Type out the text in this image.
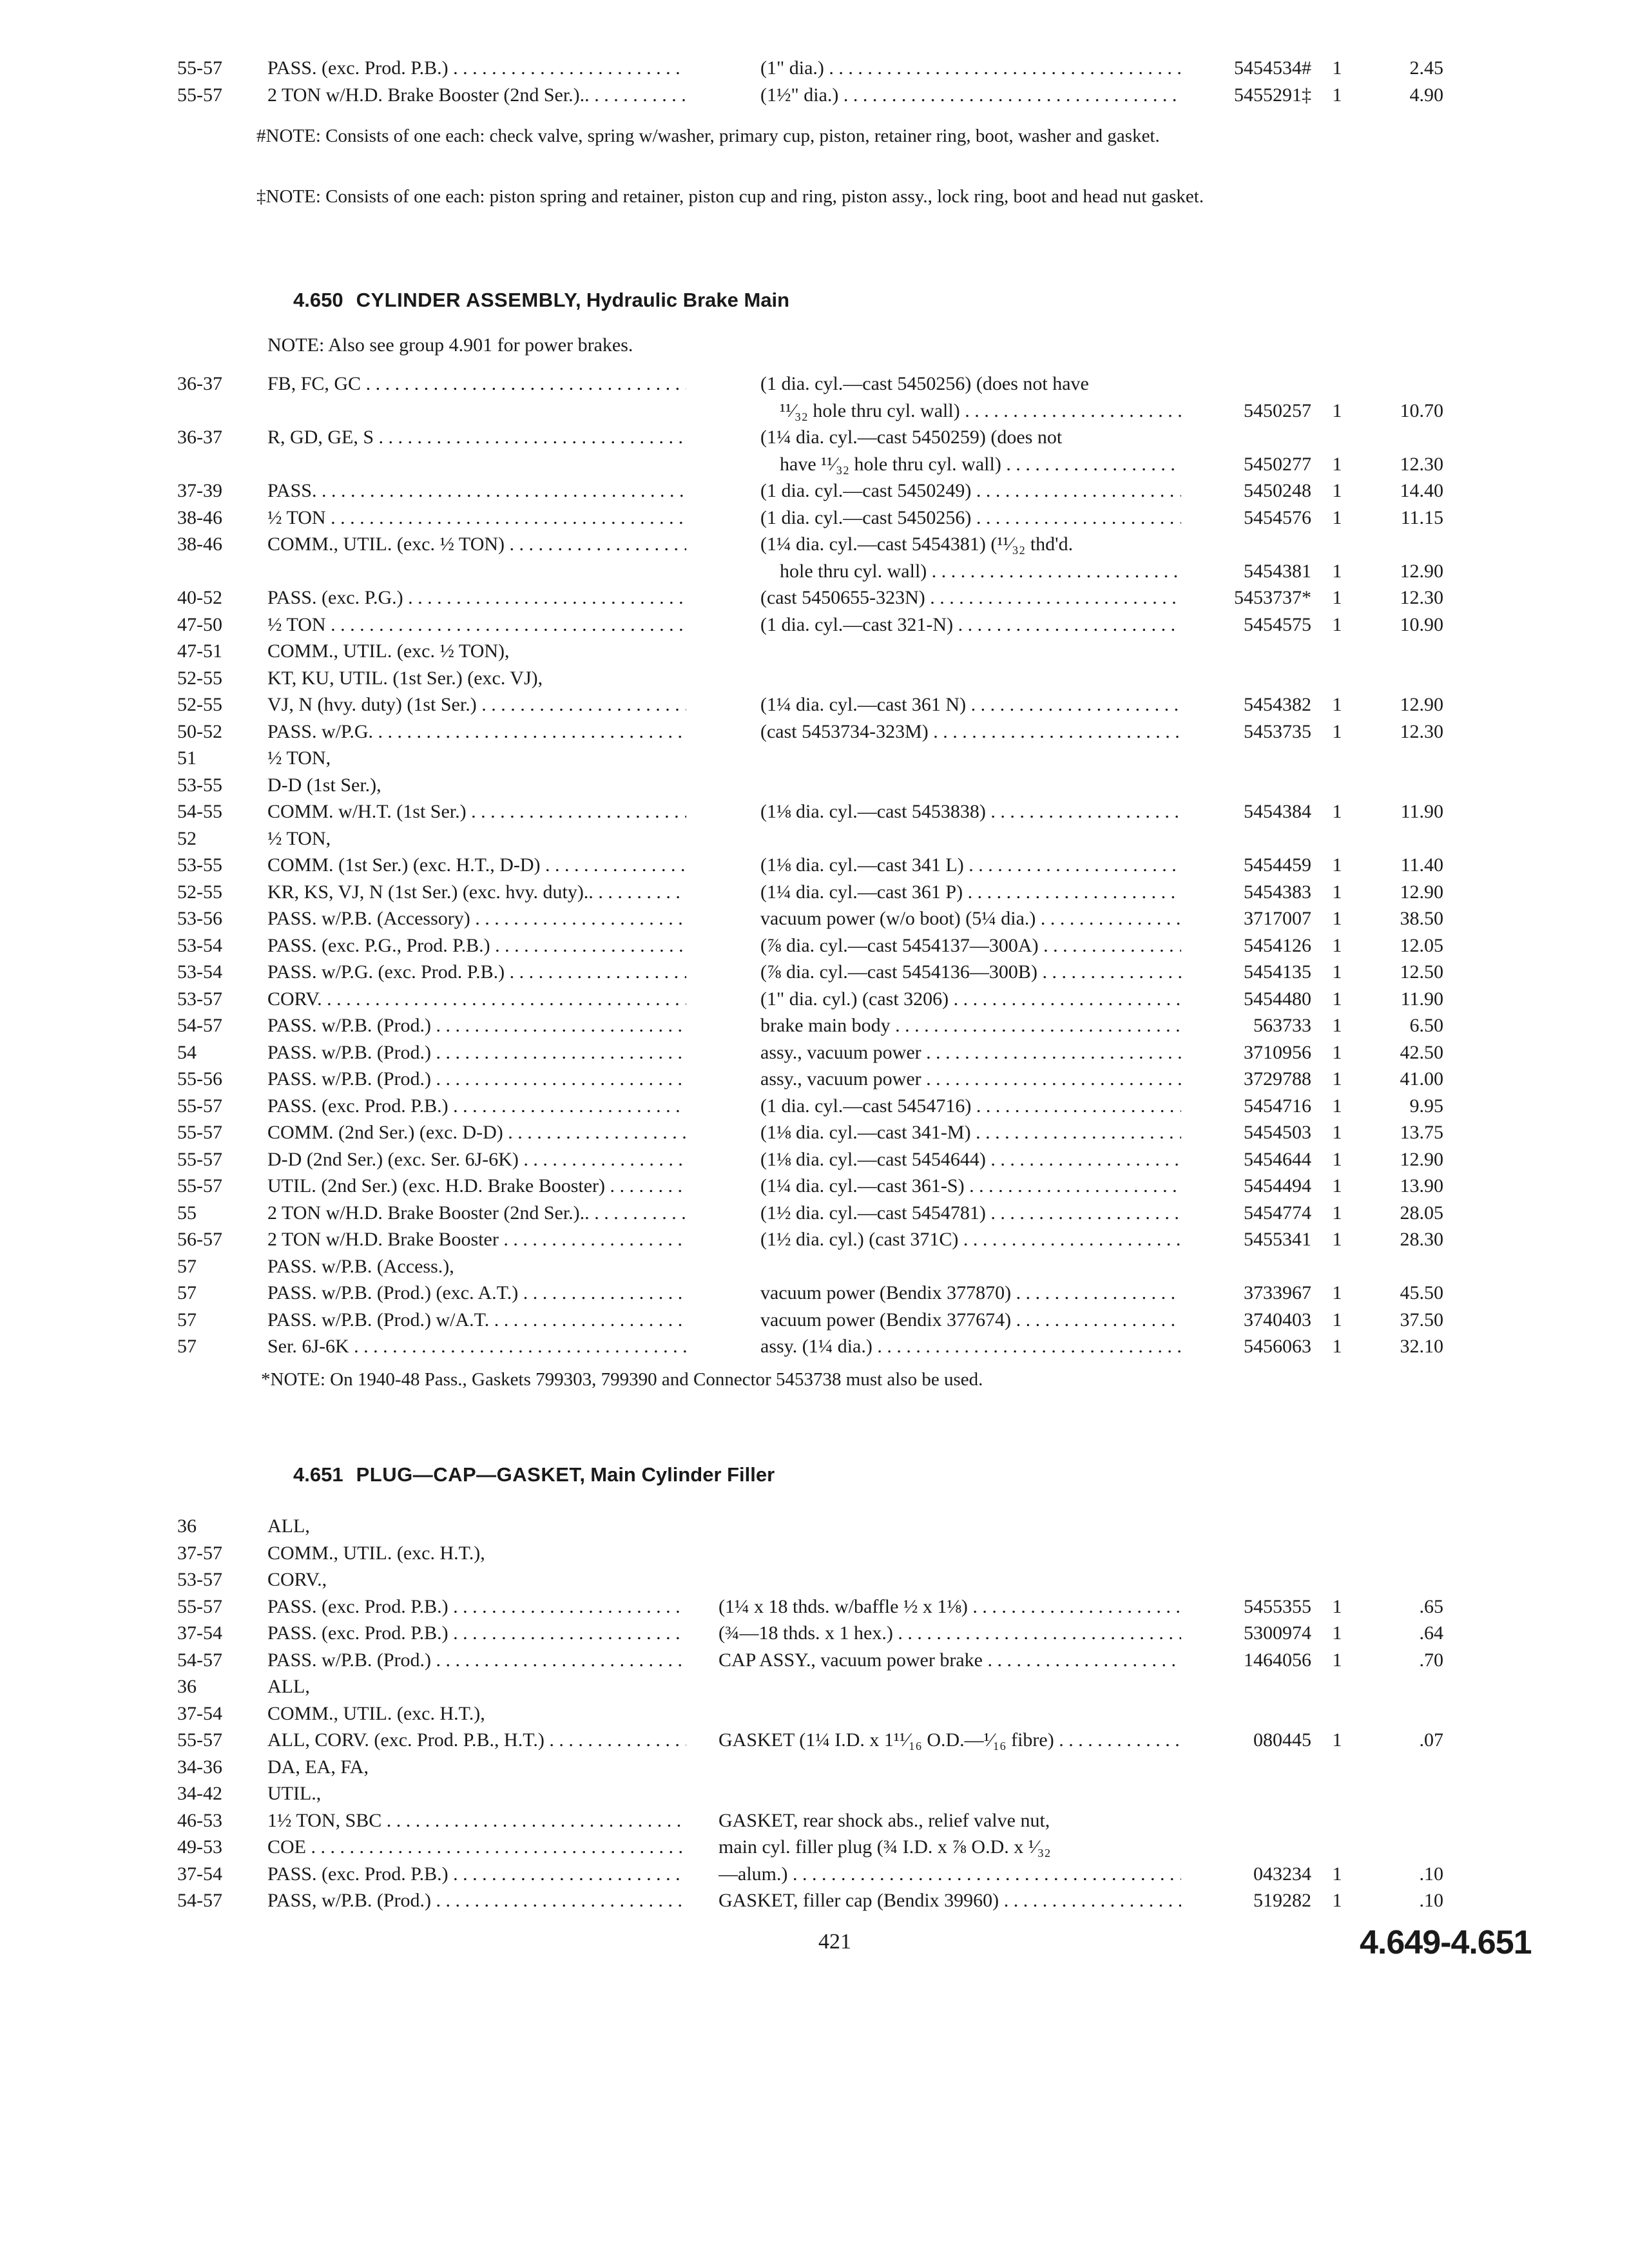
55-57	PASS. (exc. Prod. P.B.) . . .	(1" dia.) . . .	5454534#	1	2.45
55-57	2 TON w/H.D. Brake Booster (2nd Ser.).. . . .	(1½" dia.) . . .	5455291‡	1	4.90
#NOTE: Consists of one each: check valve, spring w/washer, primary cup, piston, retainer ring, boot, washer and gasket.
‡NOTE: Consists of one each: piston spring and retainer, piston cup and ring, piston assy., lock ring, boot and head nut gasket.
4.650 CYLINDER ASSEMBLY, Hydraulic Brake Main
NOTE: Also see group 4.901 for power brakes.
36-37	FB, FC, GC . . .	(1 dia. cyl.—cast 5450256) (does not have
¹¹⁄₃₂ hole thru cyl. wall) . . .	5450257	1	10.70
36-37	R, GD, GE, S . . .	(1¼ dia. cyl.—cast 5450259) (does not
have ¹¹⁄₃₂ hole thru cyl. wall) . . .	5450277	1	12.30
37-39	PASS. . . .	(1 dia. cyl.—cast 5450249) . . .	5450248	1	14.40
38-46	½ TON . . .	(1 dia. cyl.—cast 5450256) . . .	5454576	1	11.15
38-46	COMM., UTIL. (exc. ½ TON) . . .	(1¼ dia. cyl.—cast 5454381) (¹¹⁄₃₂ thd'd.
hole thru cyl. wall) . . .	5454381	1	12.90
40-52	PASS. (exc. P.G.) . . .	(cast 5450655-323N) . . .	5453737*	1	12.30
47-50	½ TON . . .	(1 dia. cyl.—cast 321-N) . . .	5454575	1	10.90
47-51	COMM., UTIL. (exc. ½ TON),
52-55	KT, KU, UTIL. (1st Ser.) (exc. VJ),
52-55	VJ, N (hvy. duty) (1st Ser.) . . .	(1¼ dia. cyl.—cast 361 N) . . .	5454382	1	12.90
50-52	PASS. w/P.G. . . .	(cast 5453734-323M) . . .	5453735	1	12.30
51	½ TON,
53-55	D-D (1st Ser.),
54-55	COMM. w/H.T. (1st Ser.) . . .	(1⅛ dia. cyl.—cast 5453838) . . .	5454384	1	11.90
52	½ TON,
53-55	COMM. (1st Ser.) (exc. H.T., D-D) . . .	(1⅛ dia. cyl.—cast 341 L) . . .	5454459	1	11.40
52-55	KR, KS, VJ, N (1st Ser.) (exc. hvy. duty).. . . .	(1¼ dia. cyl.—cast 361 P) . . .	5454383	1	12.90
53-56	PASS. w/P.B. (Accessory) . . .	vacuum power (w/o boot) (5¼ dia.) . . .	3717007	1	38.50
53-54	PASS. (exc. P.G., Prod. P.B.) . . .	(⅞ dia. cyl.—cast 5454137—300A) . . .	5454126	1	12.05
53-54	PASS. w/P.G. (exc. Prod. P.B.) . . .	(⅞ dia. cyl.—cast 5454136—300B) . . .	5454135	1	12.50
53-57	CORV. . . .	(1" dia. cyl.) (cast 3206) . . .	5454480	1	11.90
54-57	PASS. w/P.B. (Prod.) . . .	brake main body . . .	563733	1	6.50
54	PASS. w/P.B. (Prod.) . . .	assy., vacuum power . . .	3710956	1	42.50
55-56	PASS. w/P.B. (Prod.) . . .	assy., vacuum power . . .	3729788	1	41.00
55-57	PASS. (exc. Prod. P.B.) . . .	(1 dia. cyl.—cast 5454716) . . .	5454716	1	9.95
55-57	COMM. (2nd Ser.) (exc. D-D) . . .	(1⅛ dia. cyl.—cast 341-M) . . .	5454503	1	13.75
55-57	D-D (2nd Ser.) (exc. Ser. 6J-6K) . . .	(1⅛ dia. cyl.—cast 5454644) . . .	5454644	1	12.90
55-57	UTIL. (2nd Ser.) (exc. H.D. Brake Booster) . . .	(1¼ dia. cyl.—cast 361-S) . . .	5454494	1	13.90
55	2 TON w/H.D. Brake Booster (2nd Ser.).. . . .	(1½ dia. cyl.—cast 5454781) . . .	5454774	1	28.05
56-57	2 TON w/H.D. Brake Booster . . .	(1½ dia. cyl.) (cast 371C) . . .	5455341	1	28.30
57	PASS. w/P.B. (Access.),
57	PASS. w/P.B. (Prod.) (exc. A.T.) . . .	vacuum power (Bendix 377870) . . .	3733967	1	45.50
57	PASS. w/P.B. (Prod.) w/A.T. . . .	vacuum power (Bendix 377674) . . .	3740403	1	37.50
57	Ser. 6J-6K . . .	assy. (1¼ dia.) . . .	5456063	1	32.10
*NOTE: On 1940-48 Pass., Gaskets 799303, 799390 and Connector 5453738 must also be used.
4.651 PLUG—CAP—GASKET, Main Cylinder Filler
36	ALL,
37-57	COMM., UTIL. (exc. H.T.),
53-57	CORV.,
55-57	PASS. (exc. Prod. P.B.) . . .	(1¼ x 18 thds. w/baffle ½ x 1⅛) . . .	5455355	1	.65
37-54	PASS. (exc. Prod. P.B.) . . .	(¾—18 thds. x 1 hex.) . . .	5300974	1	.64
54-57	PASS. w/P.B. (Prod.) . . .	CAP ASSY., vacuum power brake . . .	1464056	1	.70
36	ALL,
37-54	COMM., UTIL. (exc. H.T.),
55-57	ALL, CORV. (exc. Prod. P.B., H.T.) . . .	GASKET (1¼ I.D. x 1¹¹⁄₁₆ O.D.—¹⁄₁₆ fibre) . . .	080445	1	.07
34-36	DA, EA, FA,
34-42	UTIL.,
46-53	1½ TON, SBC . . .	GASKET, rear shock abs., relief valve nut,
49-53	COE . . .	main cyl. filler plug (¾ I.D. x ⅞ O.D. x ¹⁄₃₂
37-54	PASS. (exc. Prod. P.B.) . . .	—alum.) . . .	043234	1	.10
54-57	PASS, w/P.B. (Prod.) . . .	GASKET, filler cap (Bendix 39960) . . .	519282	1	.10
421	4.649-4.651
